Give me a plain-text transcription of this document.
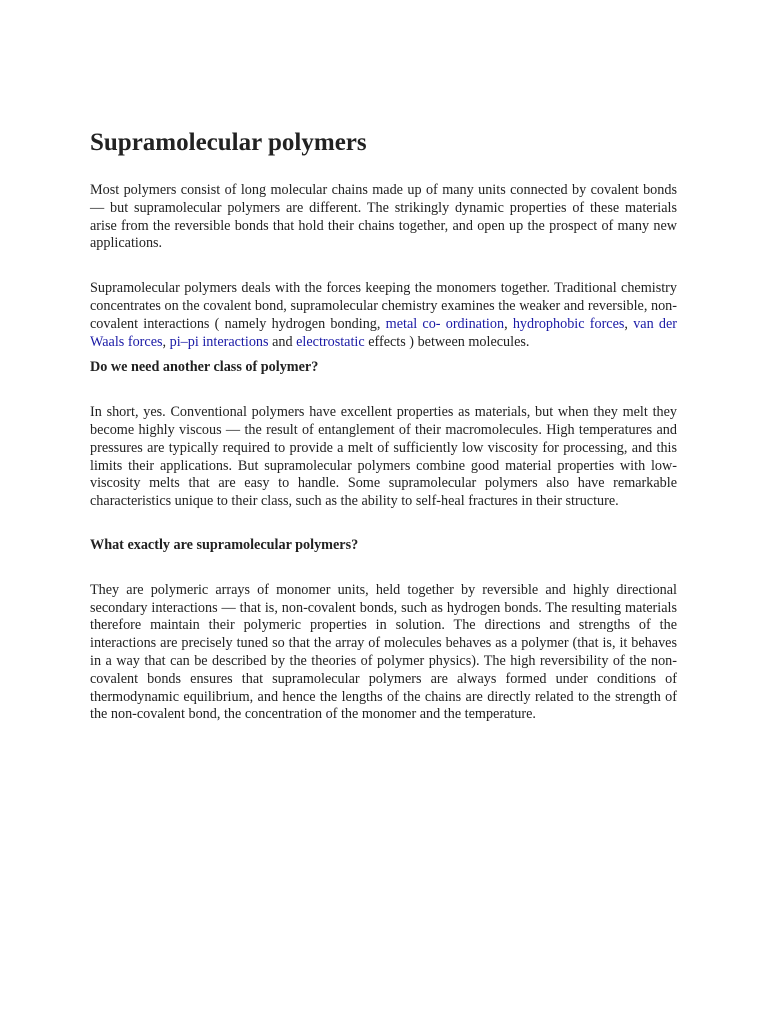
Supramolecular polymers

Most polymers consist of long molecular chains made up of many units connected by covalent bonds — but supramolecular polymers are different. The strikingly dynamic properties of these materials arise from the reversible bonds that hold their chains together, and open up the prospect of many new applications.

Supramolecular polymers deals with the forces keeping the monomers together. Traditional chemistry concentrates on the covalent bond, supramolecular chemistry examines the weaker and reversible, non- covalent interactions ( namely hydrogen bonding, metal co- ordination, hydrophobic forces, van der Waals forces, pi–pi interactions and electrostatic effects ) between molecules.

Do we need another class of polymer?

In short, yes. Conventional polymers have excellent properties as materials, but when they melt they become highly viscous — the result of entanglement of their macromolecules. High temperatures and pressures are typically required to provide a melt of sufficiently low viscosity for processing, and this limits their applications. But supramolecular polymers combine good material properties with low-viscosity melts that are easy to handle. Some supramolecular polymers also have remarkable characteristics unique to their class, such as the ability to self-heal fractures in their structure.

What exactly are supramolecular polymers?

They are polymeric arrays of monomer units, held together by reversible and highly directional secondary interactions — that is, non-covalent bonds, such as hydrogen bonds. The resulting materials therefore maintain their polymeric properties in solution. The directions and strengths of the interactions are precisely tuned so that the array of molecules behaves as a polymer (that is, it behaves in a way that can be described by the theories of polymer physics). The high reversibility of the non-covalent bonds ensures that supramolecular polymers are always formed under conditions of thermodynamic equilibrium, and hence the lengths of the chains are directly related to the strength of the non-covalent bond, the concentration of the monomer and the temperature.
